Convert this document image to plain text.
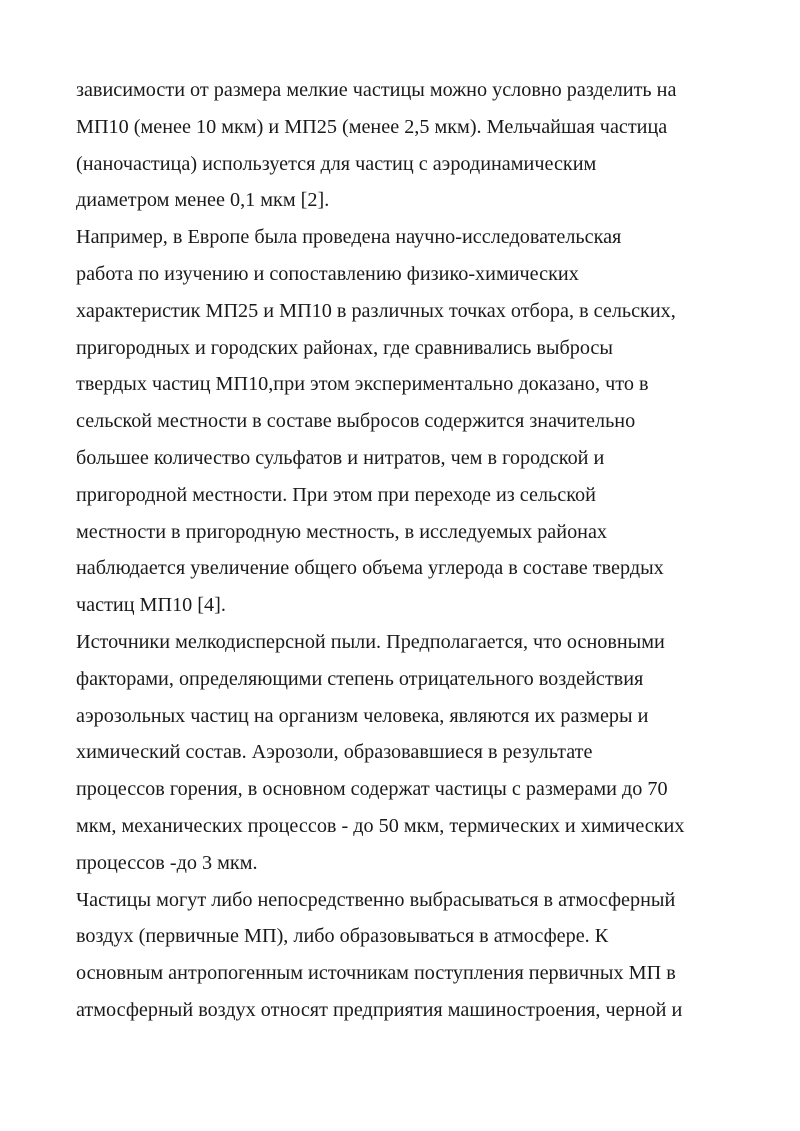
зависимости от размера мелкие частицы можно условно разделить на
МП10 (менее 10 мкм) и МП25 (менее 2,5 мкм). Мельчайшая частица
(наночастица) используется для частиц с аэродинамическим
диаметром менее 0,1 мкм [2].
Например, в Европе была проведена научно-исследовательская
работа по изучению и сопоставлению физико-химических
характеристик МП25 и МП10 в различных точках отбора, в сельских,
пригородных и городских районах, где сравнивались выбросы
твердых частиц МП10,при этом экспериментально доказано, что в
сельской местности в составе выбросов содержится значительно
большее количество сульфатов и нитратов, чем в городской и
пригородной местности. При этом при переходе из сельской
местности в пригородную местность, в исследуемых районах
наблюдается увеличение общего объема углерода в составе твердых
частиц МП10 [4].
Источники мелкодисперсной пыли. Предполагается, что основными
факторами, определяющими степень отрицательного воздействия
аэрозольных частиц на организм человека, являются их размеры и
химический состав. Аэрозоли, образовавшиеся в результате
процессов горения, в основном содержат частицы с размерами до 70
мкм, механических процессов - до 50 мкм, термических и химических
процессов -до 3 мкм.
Частицы могут либо непосредственно выбрасываться в атмосферный
воздух (первичные МП), либо образовываться в атмосфере. К
основным антропогенным источникам поступления первичных МП в
атмосферный воздух относят предприятия машиностроения, черной и
